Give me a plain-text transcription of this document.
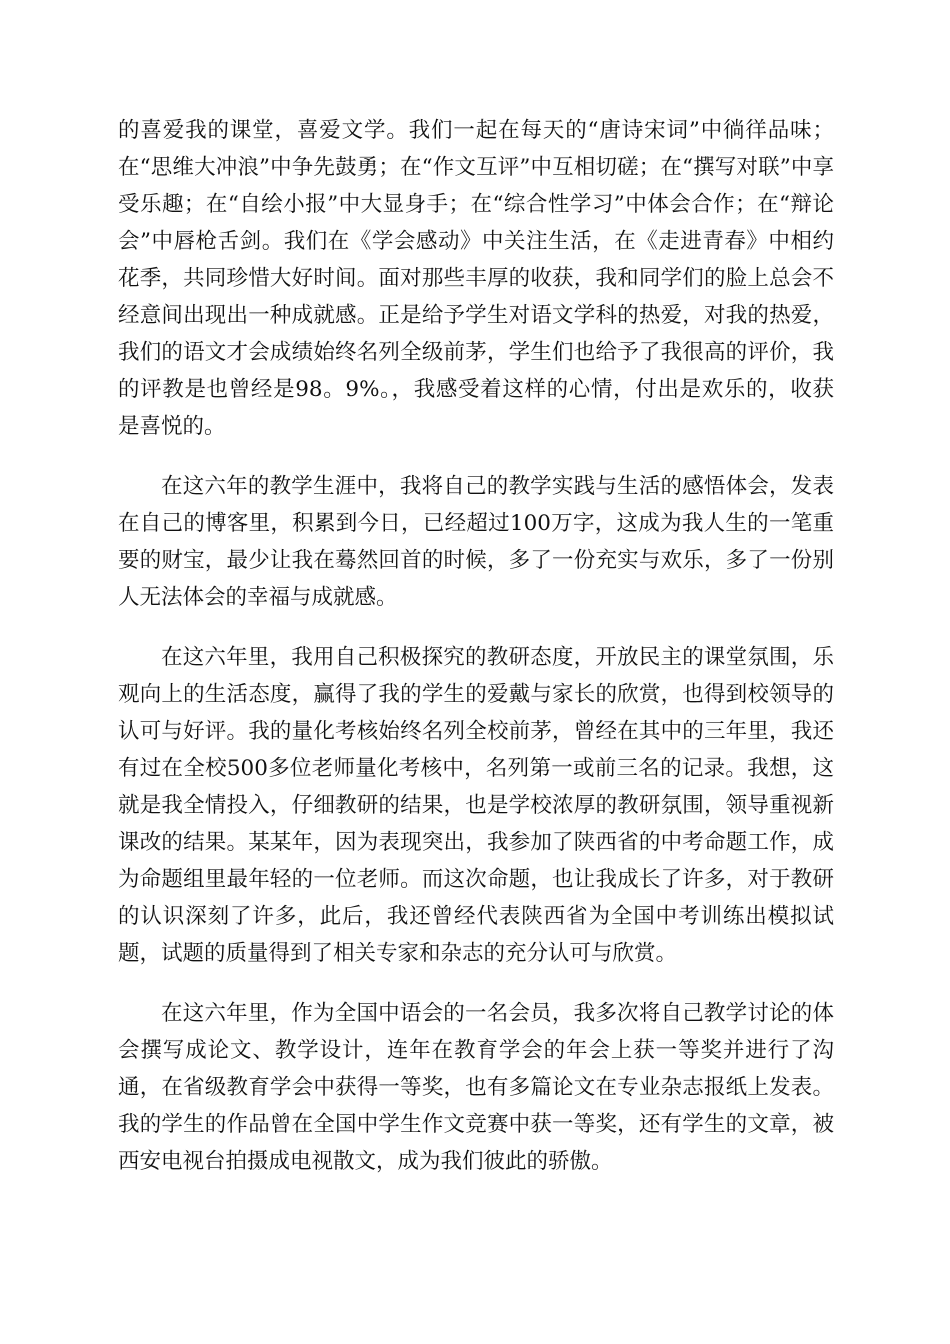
的喜爱我的课堂，喜爱文学。我们一起在每天的“唐诗宋词”中徜徉品味；在“思维大冲浪”中争先鼓勇；在“作文互评”中互相切磋；在“撰写对联”中享受乐趣；在“自绘小报”中大显身手；在“综合性学习”中体会合作；在“辩论会”中唇枪舌剑。我们在《学会感动》中关注生活，在《走进青春》中相约花季，共同珍惜大好时间。面对那些丰厚的收获，我和同学们的脸上总会不经意间出现出一种成就感。正是给予学生对语文学科的热爱，对我的热爱，我们的语文才会成绩始终名列全级前茅，学生们也给予了我很高的评价，我的评教是也曾经是98。9%。，我感受着这样的心情，付出是欢乐的，收获是喜悦的。

在这六年的教学生涯中，我将自己的教学实践与生活的感悟体会，发表在自己的博客里，积累到今日，已经超过100万字，这成为我人生的一笔重要的财宝，最少让我在蓦然回首的时候，多了一份充实与欢乐，多了一份别人无法体会的幸福与成就感。

在这六年里，我用自己积极探究的教研态度，开放民主的课堂氛围，乐观向上的生活态度，赢得了我的学生的爱戴与家长的欣赏，也得到校领导的认可与好评。我的量化考核始终名列全校前茅，曾经在其中的三年里，我还有过在全校500多位老师量化考核中，名列第一或前三名的记录。我想，这就是我全情投入，仔细教研的结果，也是学校浓厚的教研氛围，领导重视新课改的结果。某某年，因为表现突出，我参加了陕西省的中考命题工作，成为命题组里最年轻的一位老师。而这次命题，也让我成长了许多，对于教研的认识深刻了许多，此后，我还曾经代表陕西省为全国中考训练出模拟试题，试题的质量得到了相关专家和杂志的充分认可与欣赏。

在这六年里，作为全国中语会的一名会员，我多次将自己教学讨论的体会撰写成论文、教学设计，连年在教育学会的年会上获一等奖并进行了沟通，在省级教育学会中获得一等奖，也有多篇论文在专业杂志报纸上发表。我的学生的作品曾在全国中学生作文竞赛中获一等奖，还有学生的文章，被西安电视台拍摄成电视散文，成为我们彼此的骄傲。
